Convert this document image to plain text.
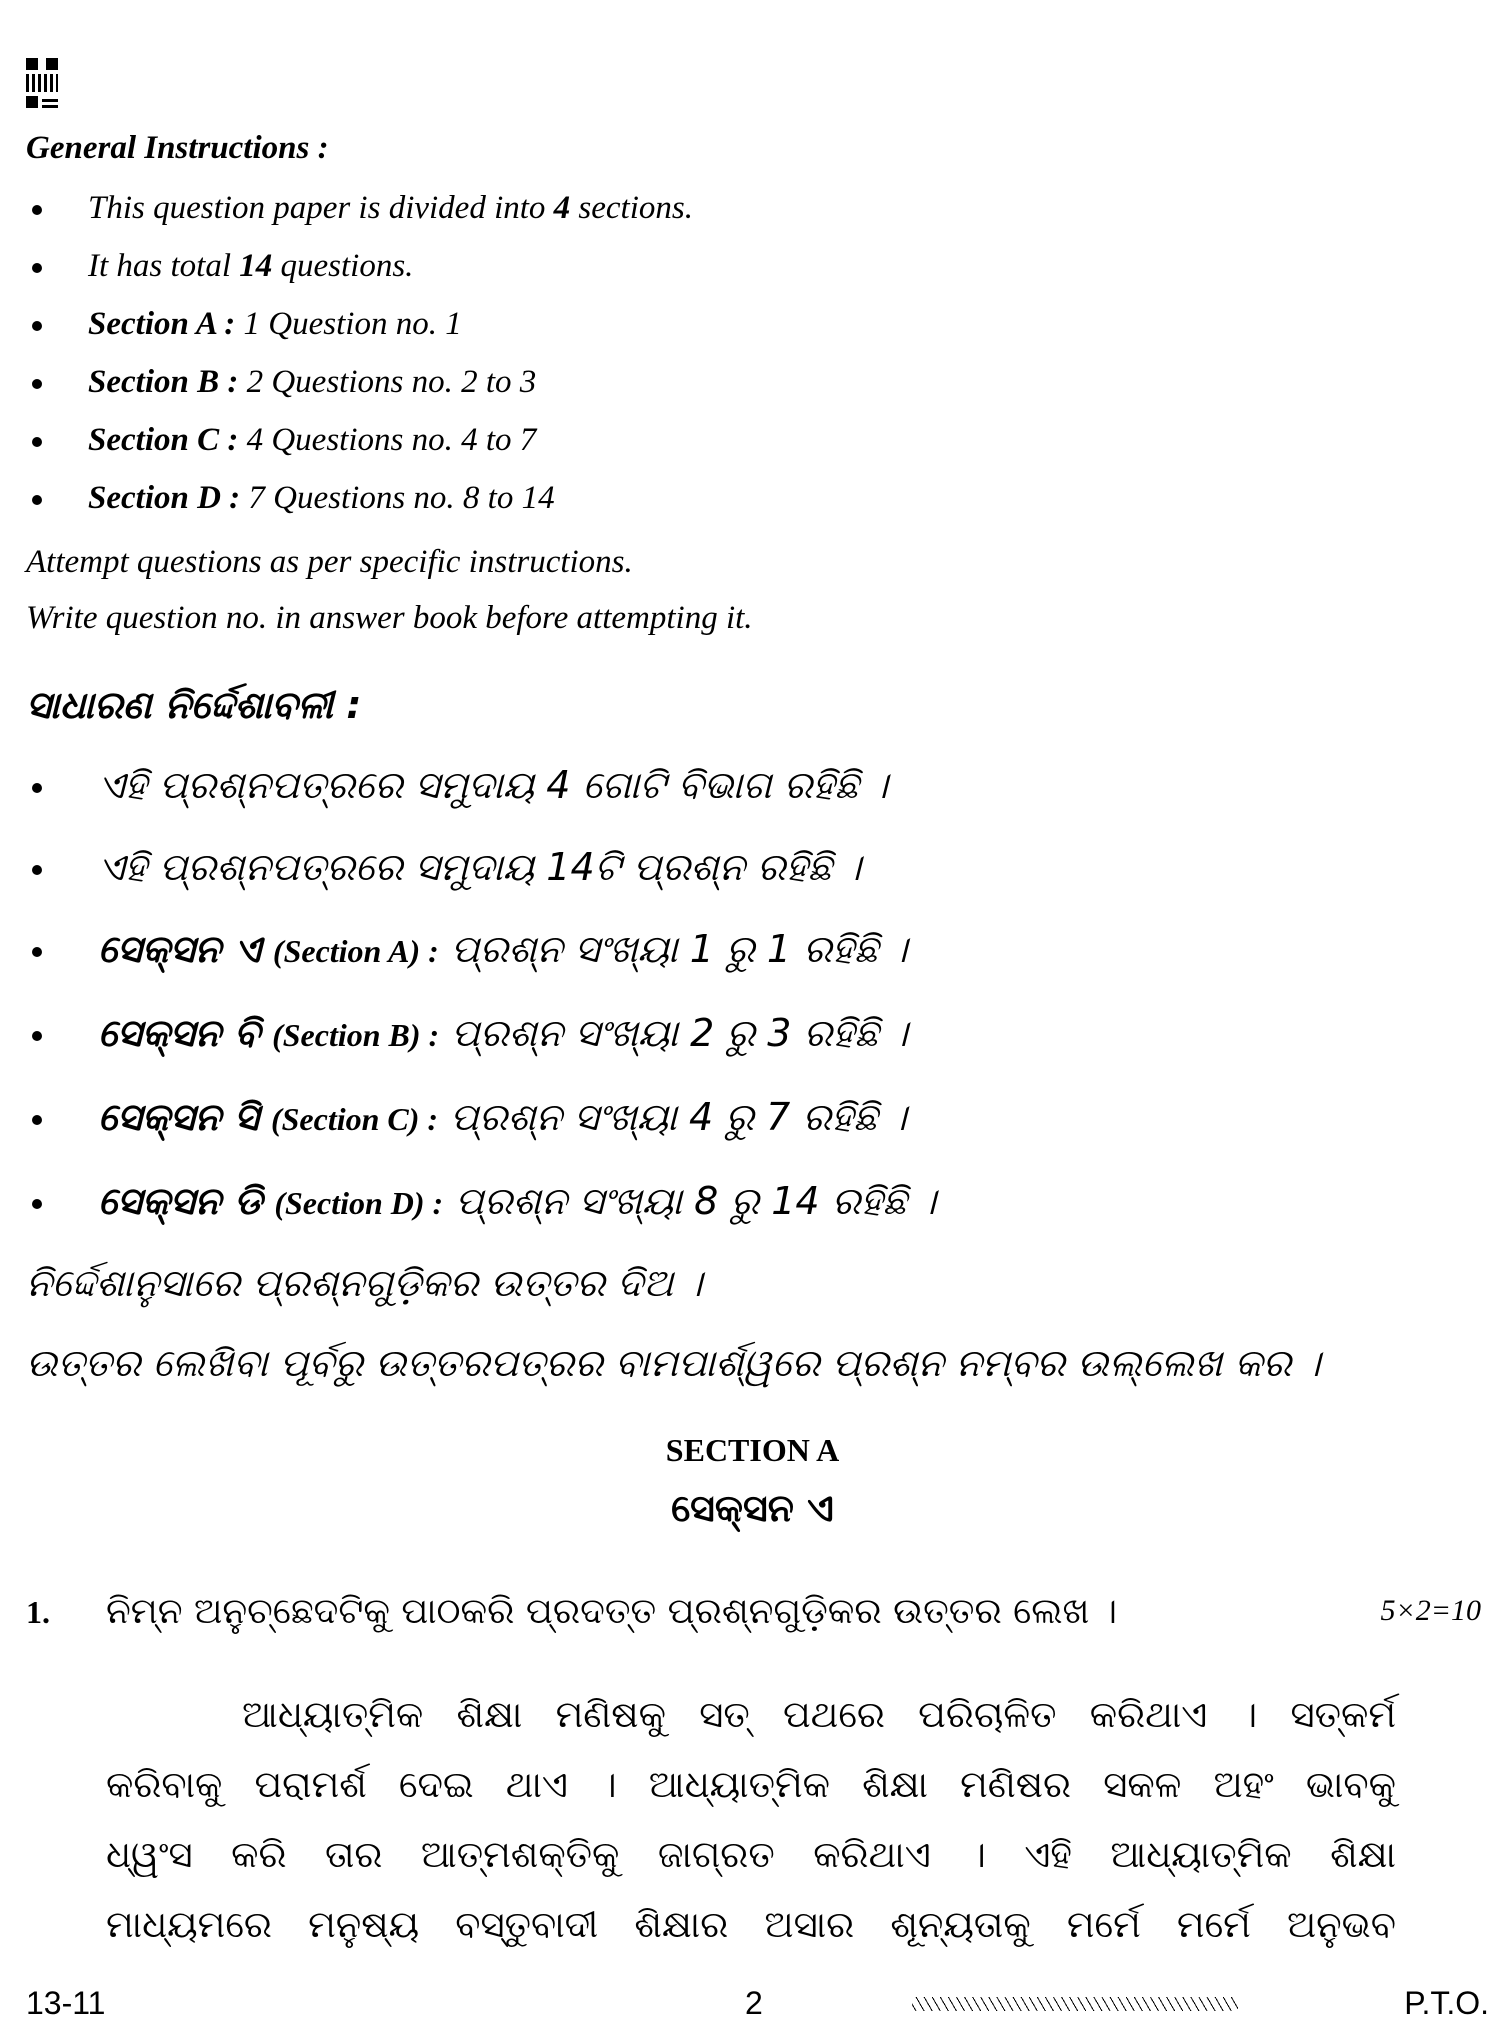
General Instructions :
This question paper is divided into 4 sections.
It has total 14 questions.
Section A : 1 Question no. 1
Section B : 2 Questions no. 2 to 3
Section C : 4 Questions no. 4 to 7
Section D : 7 Questions no. 8 to 14
Attempt questions as per specific instructions.
Write question no. in answer book before attempting it.
ସାଧାରଣ ନିର୍ଦ୍ଦେଶାବଳୀ :
ଏହି ପ୍ରଶ୍ନପତ୍ରରେ ସମୁଦାୟ 4 ଗୋଟି ବିଭାଗ ରହିଛି ।
ଏହି ପ୍ରଶ୍ନପତ୍ରରେ ସମୁଦାୟ 14ଟି ପ୍ରଶ୍ନ ରହିଛି ।
ସେକ୍ସନ ଏ (Section A) : ପ୍ରଶ୍ନ ସଂଖ୍ୟା 1 ରୁ 1 ରହିଛି ।
ସେକ୍ସନ ବି (Section B) : ପ୍ରଶ୍ନ ସଂଖ୍ୟା 2 ରୁ 3 ରହିଛି ।
ସେକ୍ସନ ସି (Section C) : ପ୍ରଶ୍ନ ସଂଖ୍ୟା 4 ରୁ 7 ରହିଛି ।
ସେକ୍ସନ ଡି (Section D) : ପ୍ରଶ୍ନ ସଂଖ୍ୟା 8 ରୁ 14 ରହିଛି ।
ନିର୍ଦ୍ଦେଶାନୁସାରେ ପ୍ରଶ୍ନଗୁଡ଼ିକର ଉତ୍ତର ଦିଅ ।
ଉତ୍ତର ଲେଖିବା ପୂର୍ବରୁ ଉତ୍ତରପତ୍ରର ବାମପାର୍ଶ୍ୱରେ ପ୍ରଶ୍ନ ନମ୍ବର ଉଲ୍ଲେଖ କର ।
SECTION A
ସେକ୍ସନ ଏ
1. ନିମ୍ନ ଅନୁଚ୍ଛେଦଟିକୁ ପାଠକରି ପ୍ରଦତ୍ତ ପ୍ରଶ୍ନଗୁଡ଼ିକର ଉତ୍ତର ଲେଖ ।	5×2=10
ଆଧ୍ୟାତ୍ମିକ ଶିକ୍ଷା ମଣିଷକୁ ସତ୍ ପଥରେ ପରିଚାଳିତ କରିଥାଏ । ସତ୍କର୍ମ
କରିବାକୁ ପରାମର୍ଶ ଦେଇ ଥାଏ । ଆଧ୍ୟାତ୍ମିକ ଶିକ୍ଷା ମଣିଷର ସକଳ ଅହଂ ଭାବକୁ
ଧ୍ୱଂସ କରି ତାର ଆତ୍ମଶକ୍ତିକୁ ଜାଗ୍ରତ କରିଥାଏ । ଏହି ଆଧ୍ୟାତ୍ମିକ ଶିକ୍ଷା
ମାଧ୍ୟମରେ ମନୁଷ୍ୟ ବସ୍ତୁବାଦୀ ଶିକ୍ଷାର ଅସାର ଶୂନ୍ୟତାକୁ ମର୍ମେ ମର୍ମେ ଅନୁଭବ
13-11	2	P.T.O.
